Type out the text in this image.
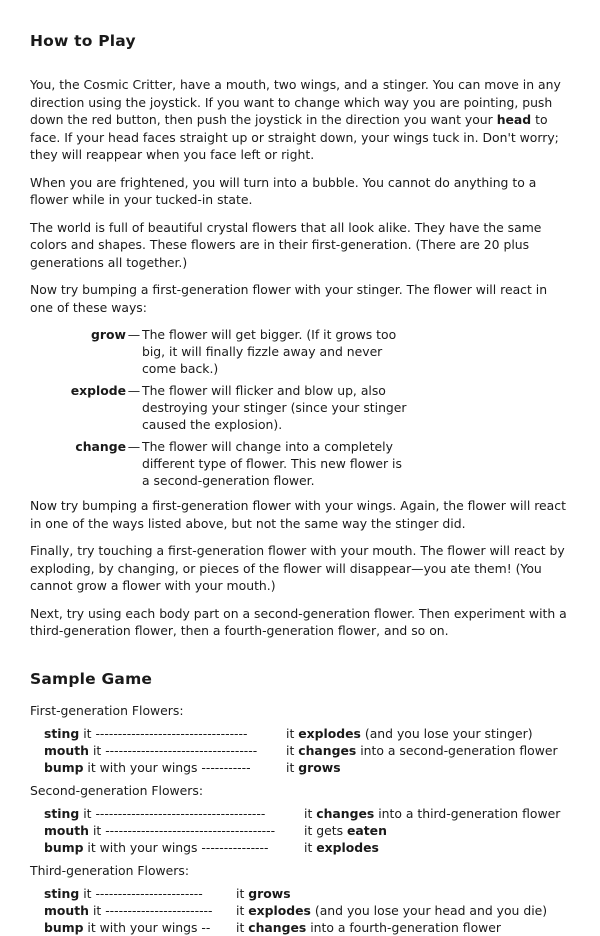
How to Play

You, the Cosmic Critter, have a mouth, two wings, and a stinger. You can move in any direction using the joystick. If you want to change which way you are pointing, push down the red button, then push the joystick in the direction you want your head to face. If your head faces straight up or straight down, your wings tuck in. Don't worry; they will reappear when you face left or right.

When you are frightened, you will turn into a bubble. You cannot do anything to a flower while in your tucked-in state.

The world is full of beautiful crystal flowers that all look alike. They have the same colors and shapes. These flowers are in their first-generation. (There are 20 plus generations all together.)

Now try bumping a first-generation flower with your stinger. The flower will react in one of these ways:

grow — The flower will get bigger. (If it grows too big, it will finally fizzle away and never come back.)
explode — The flower will flicker and blow up, also destroying your stinger (since your stinger caused the explosion).
change — The flower will change into a completely different type of flower. This new flower is a second-generation flower.

Now try bumping a first-generation flower with your wings. Again, the flower will react in one of the ways listed above, but not the same way the stinger did.

Finally, try touching a first-generation flower with your mouth. The flower will react by exploding, by changing, or pieces of the flower will disappear—you ate them! (You cannot grow a flower with your mouth.)

Next, try using each body part on a second-generation flower. Then experiment with a third-generation flower, then a fourth-generation flower, and so on.

Sample Game
First-generation Flowers:
sting it ----------------------------------	it explodes (and you lose your stinger)
mouth it ----------------------------------	it changes into a second-generation flower
bump it with your wings -----------	it grows
Second-generation Flowers:
sting it --------------------------------------	it changes into a third-generation flower
mouth it --------------------------------------	it gets eaten
bump it with your wings ---------------	it explodes
Third-generation Flowers:
sting it ------------------------	it grows
mouth it ------------------------	it explodes (and you lose your head and you die)
bump it with your wings --	it changes into a fourth-generation flower
